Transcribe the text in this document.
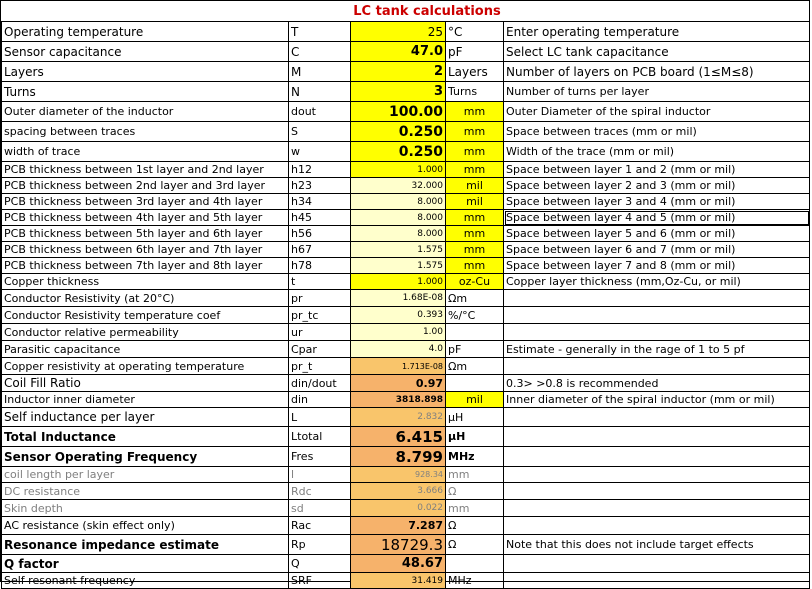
LC tank calculations
Operating temperature	T	25	°C	Enter operating temperature
Sensor capacitance	C	47.0	pF	Select LC tank capacitance
Layers	M	2	Layers	Number of layers on PCB board (1≤M≤8)
Turns	N	3	Turns	Number of turns per layer
Outer diameter of the inductor	dout	100.00	mm	Outer Diameter of the spiral inductor
spacing between traces	S	0.250	mm	Space between traces (mm or mil)
width of trace	w	0.250	mm	Width of the trace (mm or mil)
PCB thickness between 1st layer and 2nd layer	h12	1.000	mm	Space between layer 1 and 2 (mm or mil)
PCB thickness between 2nd layer and 3rd layer	h23	32.000	mil	Space between layer 2 and 3 (mm or mil)
PCB thickness between 3rd layer and 4th layer	h34	8.000	mil	Space between layer 3 and 4 (mm or mil)
PCB thickness between 4th layer and 5th layer	h45	8.000	mm	Space between layer 4 and 5 (mm or mil)
PCB thickness between 5th layer and 6th layer	h56	8.000	mm	Space between layer 5 and 6 (mm or mil)
PCB thickness between 6th layer and 7th layer	h67	1.575	mm	Space between layer 6 and 7 (mm or mil)
PCB thickness between 7th layer and 8th layer	h78	1.575	mm	Space between layer 7 and 8 (mm or mil)
Copper thickness	t	1.000	oz-Cu	Copper layer thickness (mm,Oz-Cu, or mil)
Conductor Resistivity (at 20°C)	pr	1.68E-08	Ωm	
Conductor Resistivity temperature coef	pr_tc	0.393	%/°C	
Conductor relative permeability	ur	1.00		
Parasitic capacitance	Cpar	4.0	pF	Estimate - generally in the rage of 1 to 5 pf
Copper resistivity at operating temperature	pr_t	1.713E-08	Ωm	
Coil Fill Ratio	din/dout	0.97		0.3> >0.8 is recommended
Inductor inner diameter	din	3818.898	mil	Inner diameter of the spiral inductor (mm or mil)
Self inductance per layer	L	2.832	μH	
Total Inductance	Ltotal	6.415	μH	
Sensor Operating Frequency	Fres	8.799	MHz	
coil length per layer	l	928.34	mm	
DC resistance	Rdc	3.666	Ω	
Skin depth	sd	0.022	mm	
AC resistance (skin effect only)	Rac	7.287	Ω	
Resonance impedance estimate	Rp	18729.3	Ω	Note that this does not include target effects
Q factor	Q	48.67		
Self resonant frequency	SRF	31.419	MHz	
